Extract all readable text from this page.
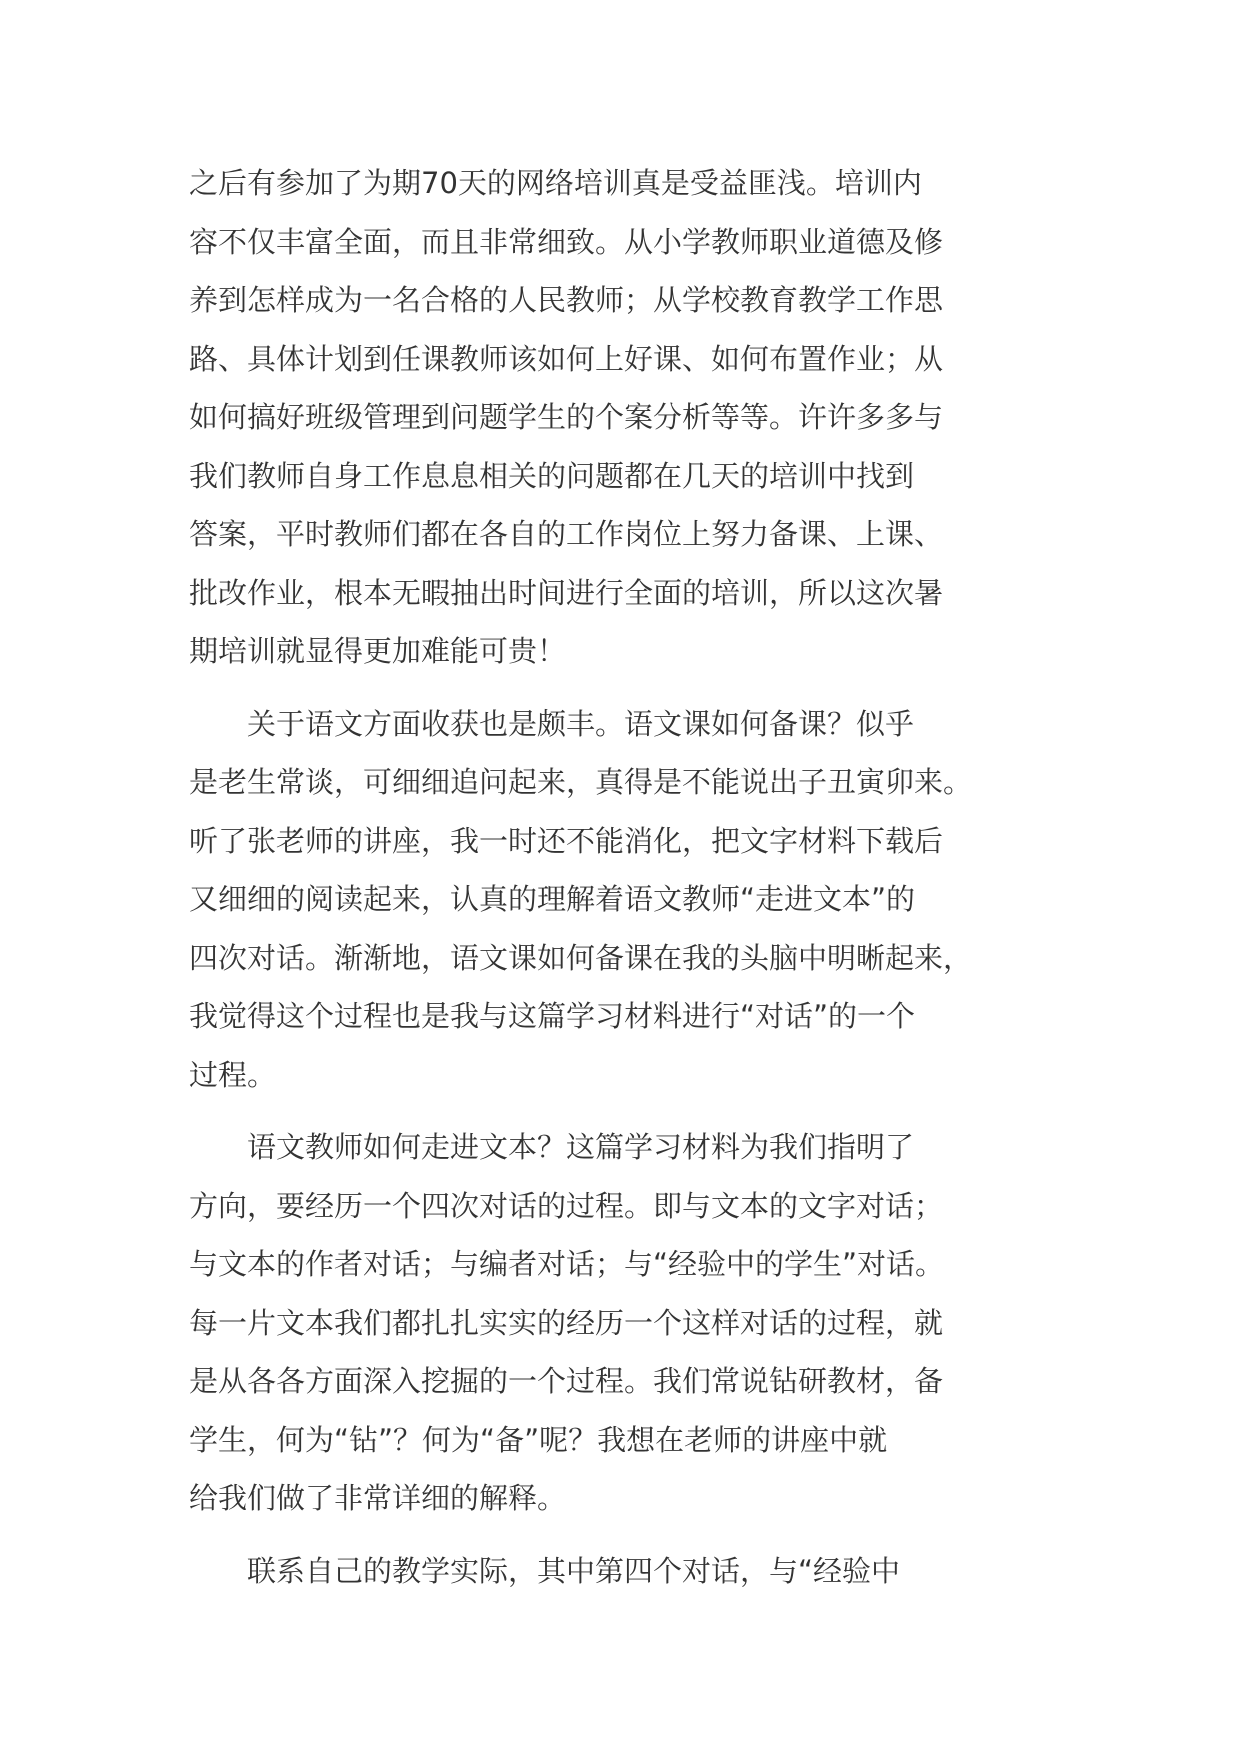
之后有参加了为期70天的网络培训真是受益匪浅。培训内
容不仅丰富全面，而且非常细致。从小学教师职业道德及修
养到怎样成为一名合格的人民教师；从学校教育教学工作思
路、具体计划到任课教师该如何上好课、如何布置作业；从
如何搞好班级管理到问题学生的个案分析等等。许许多多与
我们教师自身工作息息相关的问题都在几天的培训中找到
答案，平时教师们都在各自的工作岗位上努力备课、上课、
批改作业，根本无暇抽出时间进行全面的培训，所以这次暑
期培训就显得更加难能可贵！
　　关于语文方面收获也是颇丰。语文课如何备课？似乎
是老生常谈，可细细追问起来，真得是不能说出子丑寅卯来。
听了张老师的讲座，我一时还不能消化，把文字材料下载后
又细细的阅读起来，认真的理解着语文教师“走进文本”的
四次对话。渐渐地，语文课如何备课在我的头脑中明晰起来，
我觉得这个过程也是我与这篇学习材料进行“对话”的一个
过程。
　　语文教师如何走进文本？这篇学习材料为我们指明了
方向，要经历一个四次对话的过程。即与文本的文字对话；
与文本的作者对话；与编者对话；与“经验中的学生”对话。
每一片文本我们都扎扎实实的经历一个这样对话的过程，就
是从各各方面深入挖掘的一个过程。我们常说钻研教材，备
学生，何为“钻”？何为“备”呢？我想在老师的讲座中就
给我们做了非常详细的解释。
　　联系自己的教学实际，其中第四个对话，与“经验中
